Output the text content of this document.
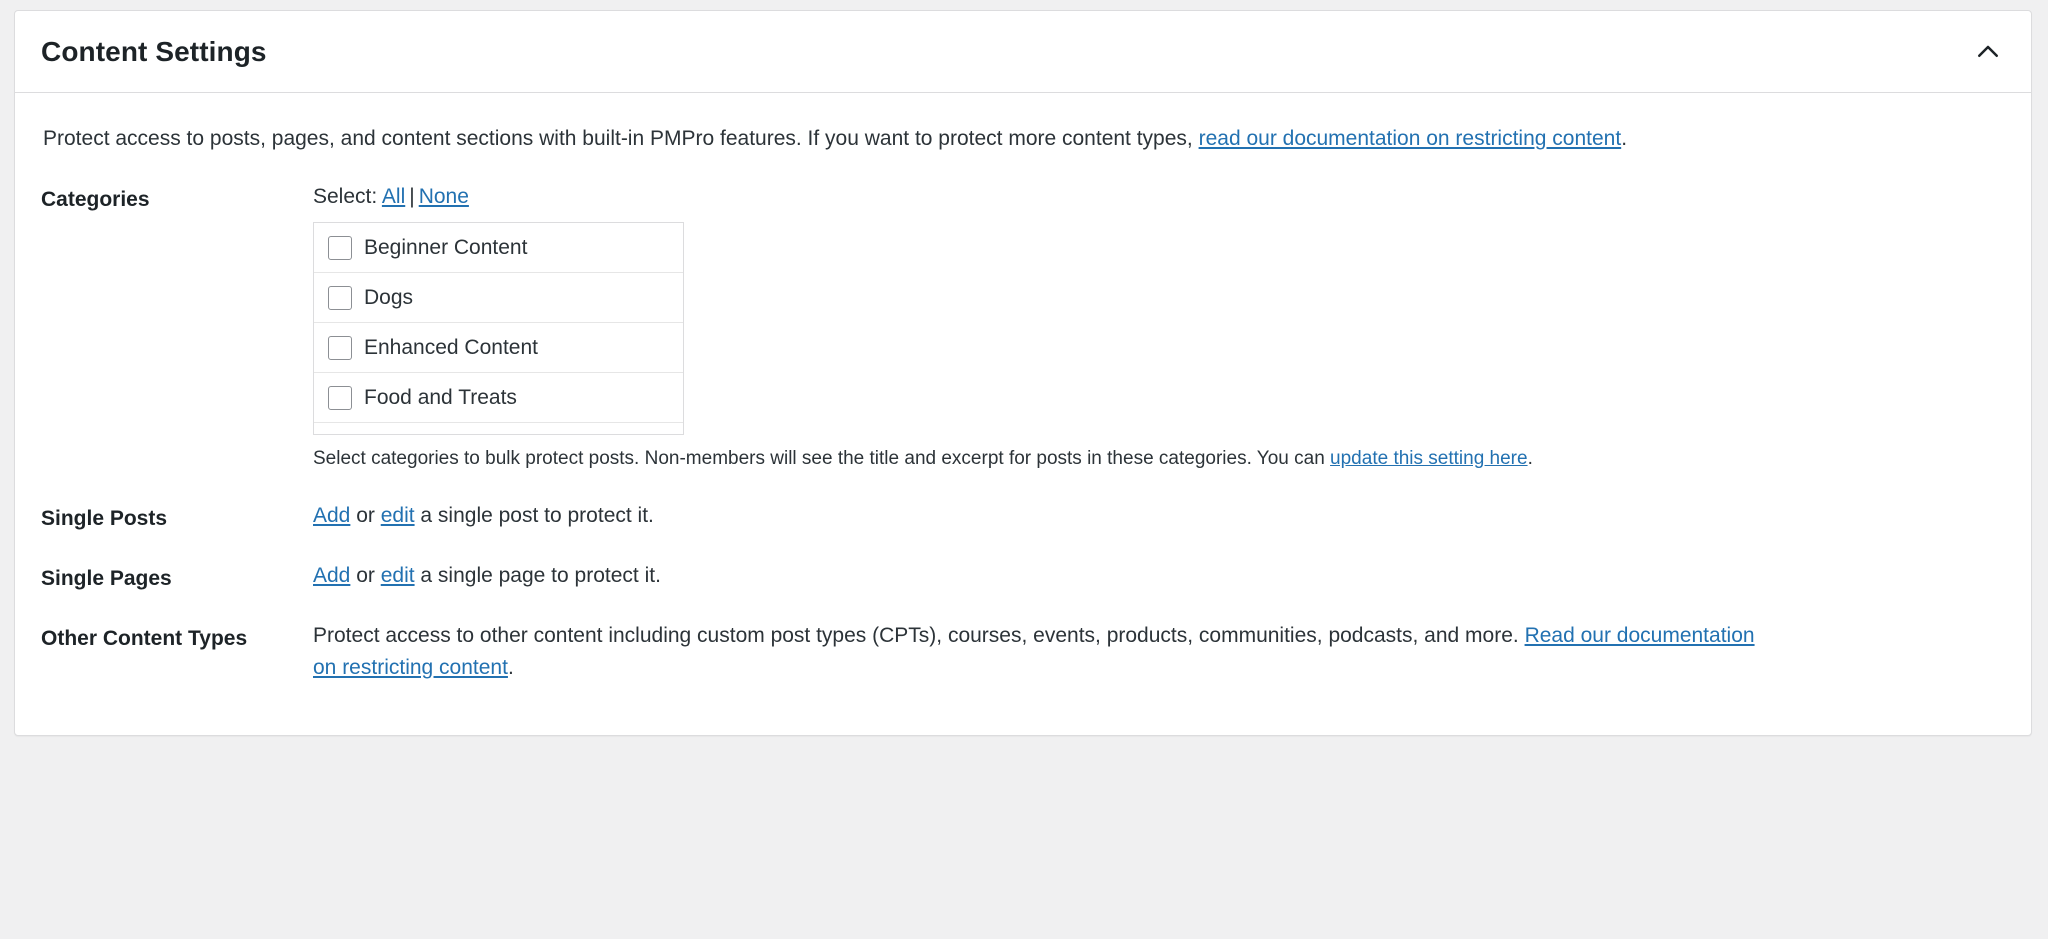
Content Settings
Protect access to posts, pages, and content sections with built-in PMPro features. If you want to protect more content types, read our documentation on restricting content.
Categories	Select: All | None
Beginner Content
Dogs
Enhanced Content
Food and Treats
Select categories to bulk protect posts. Non-members will see the title and excerpt for posts in these categories. You can update this setting here.
Single Posts	Add or edit a single post to protect it.
Single Pages	Add or edit a single page to protect it.
Other Content Types	Protect access to other content including custom post types (CPTs), courses, events, products, communities, podcasts, and more. Read our documentation on restricting content.
